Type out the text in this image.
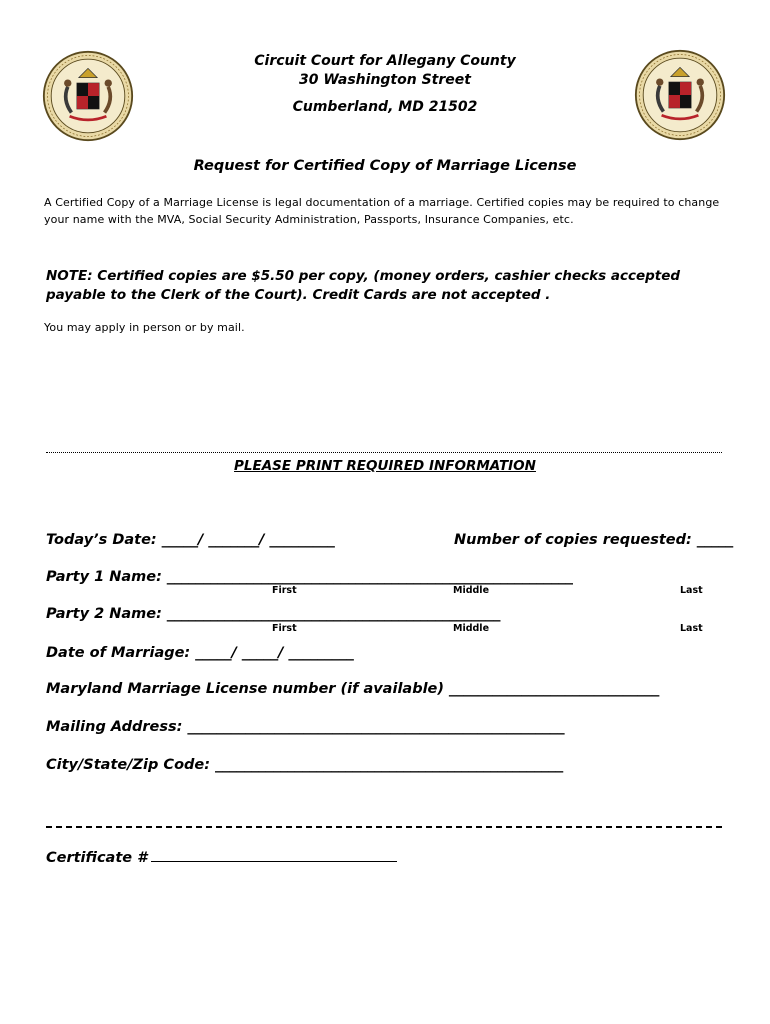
Circuit Court for Allegany County
30 Washington Street
Cumberland, MD 21502
Request for Certified Copy of Marriage License
A Certified Copy of a Marriage License is legal documentation of a marriage. Certified copies may be required to change your name with the MVA, Social Security Administration, Passports, Insurance Companies, etc.
NOTE: Certified copies are $5.50 per copy, (money orders, cashier checks accepted payable to the Clerk of the Court). Credit Cards are not accepted .
You may apply in person or by mail.
PLEASE PRINT REQUIRED INFORMATION
Today’s Date: _____/ _______/ _________	Number of copies requested: _____
Party 1 Name: ________________________________________________________
First	Middle	Last
Party 2 Name: ______________________________________________
First	Middle	Last
Date of Marriage: _____/ _____/ _________
Maryland Marriage License number (if available) _____________________________
Mailing Address: ____________________________________________________
City/State/Zip Code: ________________________________________________
Certificate #
